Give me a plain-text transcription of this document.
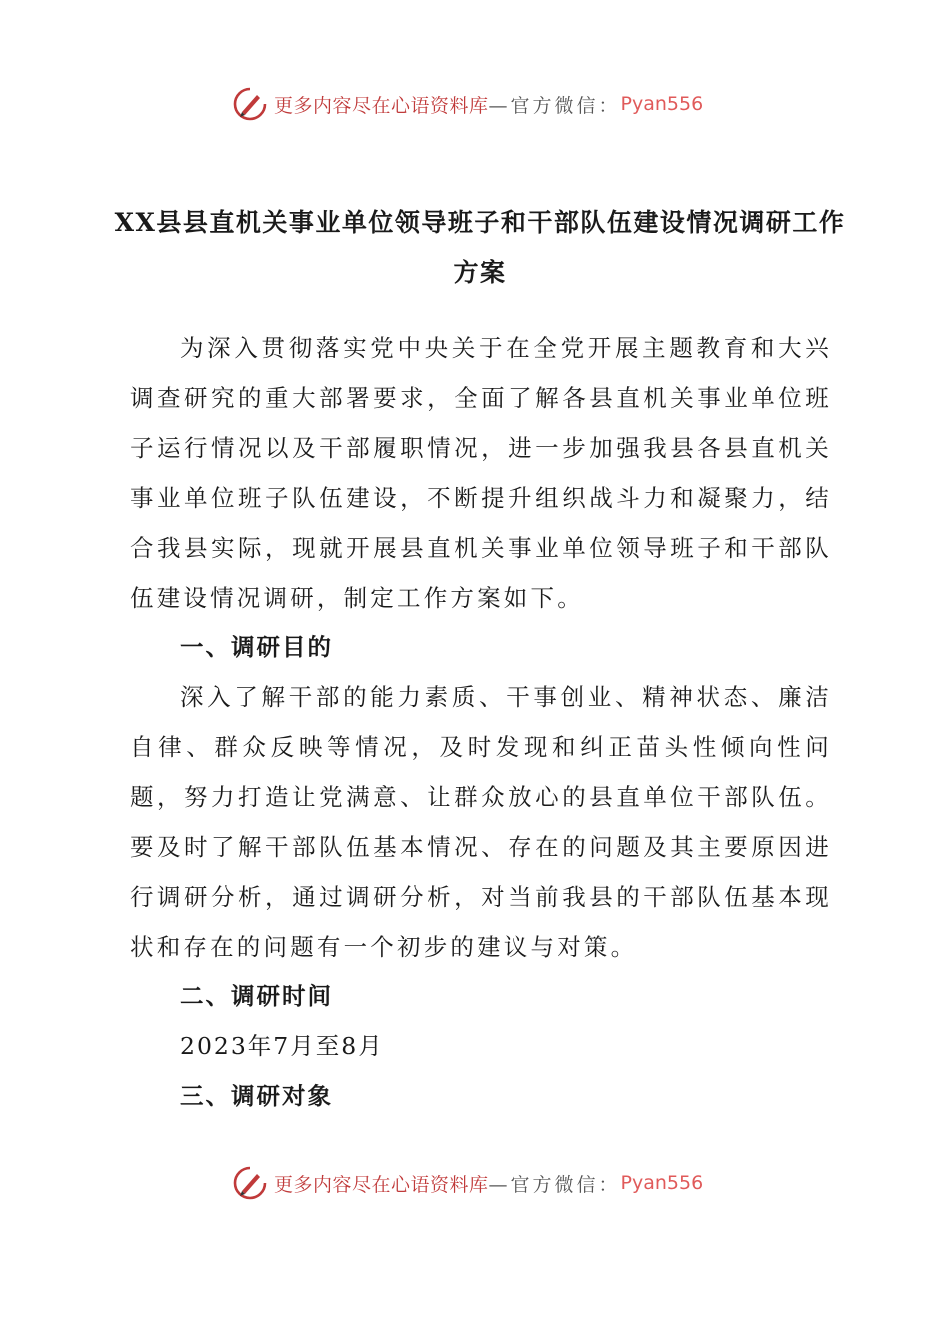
更多内容尽在心语资料库 —官方微信： Pyan556
XX县县直机关事业单位领导班子和干部队伍建设情况调研工作
方案
为深入贯彻落实党中央关于在全党开展主题教育和大兴调查研究的重大部署要求，全面了解各县直机关事业单位班子运行情况以及干部履职情况，进一步加强我县各县直机关事业单位班子队伍建设，不断提升组织战斗力和凝聚力，结合我县实际，现就开展县直机关事业单位领导班子和干部队伍建设情况调研，制定工作方案如下。
一、调研目的
深入了解干部的能力素质、干事创业、精神状态、廉洁自律、群众反映等情况，及时发现和纠正苗头性倾向性问题，努力打造让党满意、让群众放心的县直单位干部队伍。要及时了解干部队伍基本情况、存在的问题及其主要原因进行调研分析，通过调研分析，对当前我县的干部队伍基本现状和存在的问题有一个初步的建议与对策。
二、调研时间
2023年7月至8月
三、调研对象
更多内容尽在心语资料库 —官方微信： Pyan556
